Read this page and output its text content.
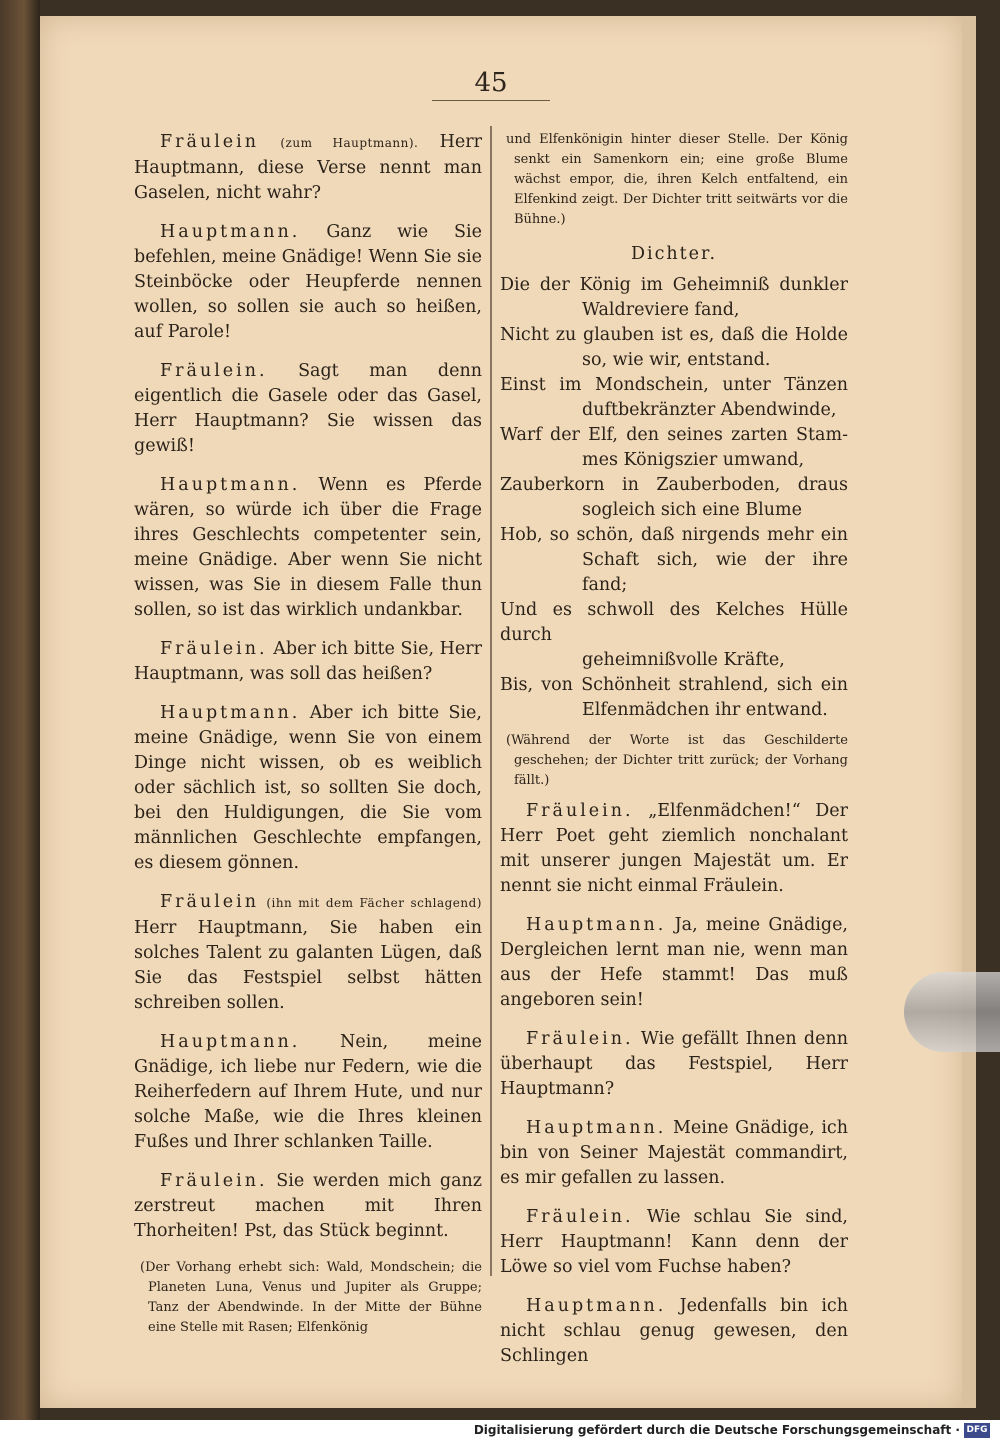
45

Fräulein (zum Hauptmann). Herr Hauptmann, diese Verse nennt man Gaselen, nicht wahr?

Hauptmann. Ganz wie Sie befehlen, meine Gnädige! Wenn Sie sie Steinböcke oder Heupferde nennen wollen, so sollen sie auch so heißen, auf Parole!

Fräulein. Sagt man denn eigentlich die Gasele oder das Gasel, Herr Hauptmann? Sie wissen das gewiß!

Hauptmann. Wenn es Pferde wären, so würde ich über die Frage ihres Geschlechts competenter sein, meine Gnädige. Aber wenn Sie nicht wissen, was Sie in diesem Falle thun sollen, so ist das wirklich undankbar.

Fräulein. Aber ich bitte Sie, Herr Hauptmann, was soll das heißen?

Hauptmann. Aber ich bitte Sie, meine Gnädige, wenn Sie von einem Dinge nicht wissen, ob es weiblich oder sächlich ist, so sollten Sie doch, bei den Huldigungen, die Sie vom männlichen Geschlechte empfangen, es diesem gönnen.

Fräulein (ihn mit dem Fächer schlagend) Herr Hauptmann, Sie haben ein solches Talent zu galanten Lügen, daß Sie das Festspiel selbst hätten schreiben sollen.

Hauptmann. Nein, meine Gnädige, ich liebe nur Federn, wie die Reiherfedern auf Ihrem Hute, und nur solche Maße, wie die Ihres kleinen Fußes und Ihrer schlanken Taille.

Fräulein. Sie werden mich ganz zerstreut machen mit Ihren Thorheiten! Pst, das Stück beginnt.

(Der Vorhang erhebt sich: Wald, Mondschein; die Planeten Luna, Venus und Jupiter als Gruppe; Tanz der Abendwinde. In der Mitte der Bühne eine Stelle mit Rasen; Elfenkönig
und Elfenkönigin hinter dieser Stelle. Der König senkt ein Samenkorn ein; eine große Blume wächst empor, die, ihren Kelch entfaltend, ein Elfenkind zeigt. Der Dichter tritt seitwärts vor die Bühne.)
Dichter.
Die der König im Geheimniß dunkler
Waldreviere fand,
Nicht zu glauben ist es, daß die Holde
so, wie wir, entstand.
Einst im Mondschein, unter Tänzen
duftbekränzter Abendwinde,
Warf der Elf, den seines zarten Stam-
mes Königszier umwand,
Zauberkorn in Zauberboden, draus
sogleich sich eine Blume
Hob, so schön, daß nirgends mehr ein
Schaft sich, wie der ihre fand;
Und es schwoll des Kelches Hülle durch
geheimnißvolle Kräfte,
Bis, von Schönheit strahlend, sich ein
Elfenmädchen ihr entwand.
(Während der Worte ist das Geschilderte geschehen; der Dichter tritt zurück; der Vorhang fällt.)

Fräulein. „Elfenmädchen!“ Der Herr Poet geht ziemlich nonchalant mit unserer jungen Majestät um. Er nennt sie nicht einmal Fräulein.

Hauptmann. Ja, meine Gnädige, Dergleichen lernt man nie, wenn man aus der Hefe stammt! Das muß angeboren sein!

Fräulein. Wie gefällt Ihnen denn überhaupt das Festspiel, Herr Hauptmann?

Hauptmann. Meine Gnädige, ich bin von Seiner Majestät commandirt, es mir gefallen zu lassen.

Fräulein. Wie schlau Sie sind, Herr Hauptmann! Kann denn der Löwe so viel vom Fuchse haben?

Hauptmann. Jedenfalls bin ich nicht schlau genug gewesen, den Schlingen

Digitalisierung gefördert durch die Deutsche Forschungsgemeinschaft · DFG
